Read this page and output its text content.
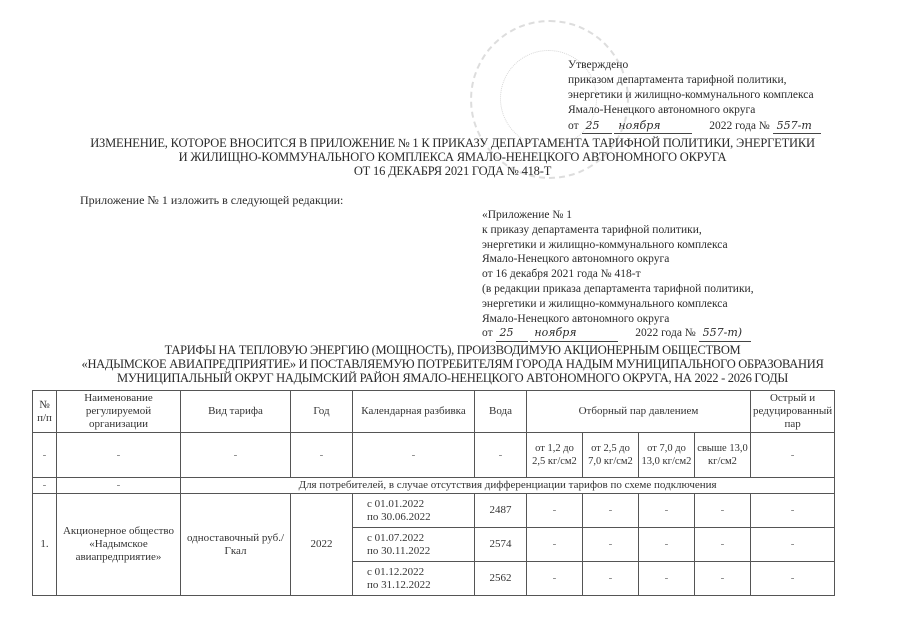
Утверждено
приказом департамента тарифной политики,
энергетики и жилищно-коммунального комплекса
Ямало-Ненецкого автономного округа
от 25 ноября	2022 года № 557-т
ИЗМЕНЕНИЕ, КОТОРОЕ ВНОСИТСЯ В ПРИЛОЖЕНИЕ № 1 К ПРИКАЗУ ДЕПАРТАМЕНТА ТАРИФНОЙ ПОЛИТИКИ, ЭНЕРГЕТИКИ
И ЖИЛИЩНО-КОММУНАЛЬНОГО КОМПЛЕКСА ЯМАЛО-НЕНЕЦКОГО АВТОНОМНОГО ОКРУГА
ОТ 16 ДЕКАБРЯ 2021 ГОДА № 418-Т
Приложение № 1 изложить в следующей редакции:
«Приложение № 1
к приказу департамента тарифной политики,
энергетики и жилищно-коммунального комплекса
Ямало-Ненецкого автономного округа
от 16 декабря 2021 года № 418-т
(в редакции приказа департамента тарифной политики,
энергетики и жилищно-коммунального комплекса
Ямало-Ненецкого автономного округа
от 25 ноября	2022 года № 557-т)
ТАРИФЫ НА ТЕПЛОВУЮ ЭНЕРГИЮ (МОЩНОСТЬ), ПРОИЗВОДИМУЮ АКЦИОНЕРНЫМ ОБЩЕСТВОМ
«НАДЫМСКОЕ АВИАПРЕДПРИЯТИЕ» И ПОСТАВЛЯЕМУЮ ПОТРЕБИТЕЛЯМ ГОРОДА НАДЫМ МУНИЦИПАЛЬНОГО ОБРАЗОВАНИЯ
МУНИЦИПАЛЬНЫЙ ОКРУГ НАДЫМСКИЙ РАЙОН ЯМАЛО-НЕНЕЦКОГО АВТОНОМНОГО ОКРУГА, НА 2022 - 2026 ГОДЫ
№ п/п	Наименование регулируемой организации	Вид тарифа	Год	Календарная разбивка	Вода	Отборный пар давлением				Острый и редуцированный пар
-	-	-	-	-	-	от 1,2 до 2,5 кг/см2	от 2,5 до 7,0 кг/см2	от 7,0 до 13,0 кг/см2	свыше 13,0 кг/см2	-
-	-	Для потребителей, в случае отсутствия дифференциации тарифов по схеме подключения								
1.	Акционерное общество «Надымское авиапредприятие»	одноставочный руб./Гкал	2022	с 01.01.2022
по 30.06.2022	2487	-	-	-	-	-

				с 01.07.2022
по 30.11.2022	2574	-	-	-	-	-

				с 01.12.2022
по 31.12.2022	2562	-	-	-	-	-
